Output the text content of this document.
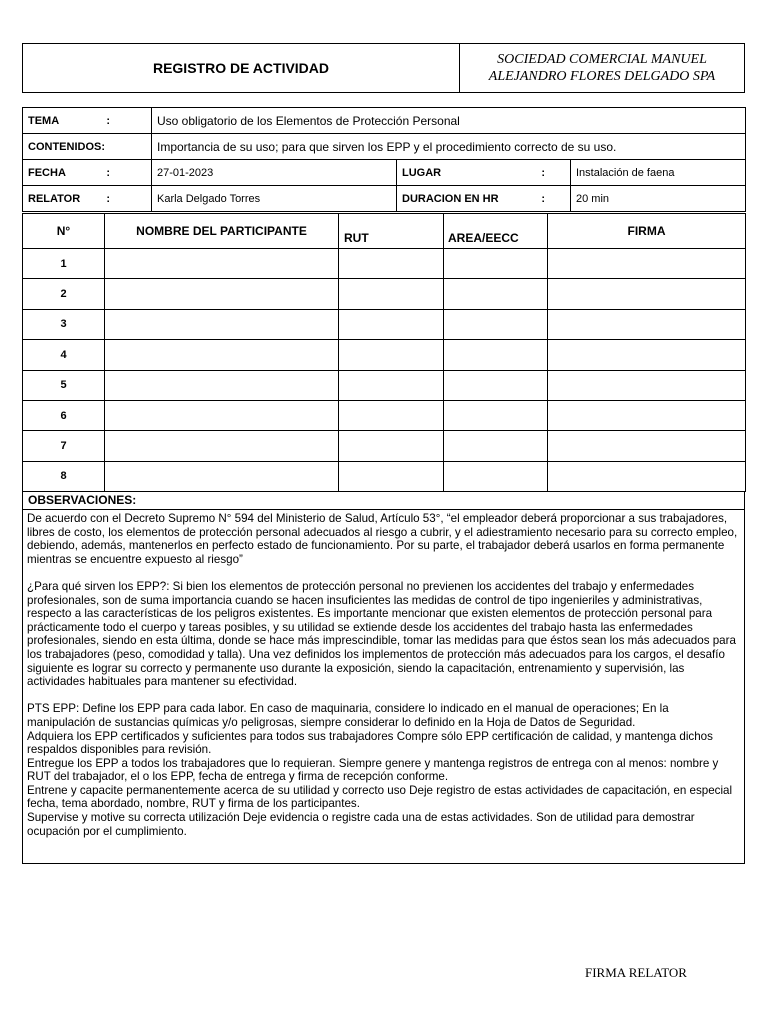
REGISTRO DE ACTIVIDAD
SOCIEDAD COMERCIAL MANUEL
ALEJANDRO FLORES DELGADO SPA
TEMA :	Uso obligatorio de los Elementos de Protección Personal		
CONTENIDOS:	Importancia de su uso; para que sirven los EPP y el procedimiento correcto de su uso.		
FECHA :	27-01-2023	LUGAR :	Instalación de faena
RELATOR :	Karla Delgado Torres	DURACION EN HR :	20 min
N°	NOMBRE DEL PARTICIPANTE	RUT	AREA/EECC	FIRMA
1				
2				
3				
4				
5				
6				
7				
8				
OBSERVACIONES:

De acuerdo con el Decreto Supremo N° 594 del Ministerio de Salud, Artículo 53°, “el empleador deberá proporcionar a sus trabajadores, libres de costo, los elementos de protección personal adecuados al riesgo a cubrir, y el adiestramiento necesario para su correcto empleo, debiendo, además, mantenerlos en perfecto estado de funcionamiento. Por su parte, el trabajador deberá usarlos en forma permanente mientras se encuentre expuesto al riesgo”

¿Para qué sirven los EPP?: Si bien los elementos de protección personal no previenen los accidentes del trabajo y enfermedades profesionales, son de suma importancia cuando se hacen insuficientes las medidas de control de tipo ingenieriles y administrativas, respecto a las características de los peligros existentes. Es importante mencionar que existen elementos de protección personal para prácticamente todo el cuerpo y tareas posibles, y su utilidad se extiende desde los accidentes del trabajo hasta las enfermedades profesionales, siendo en esta última, donde se hace más imprescindible, tomar las medidas para que éstos sean los más adecuados para los trabajadores (peso, comodidad y talla). Una vez definidos los implementos de protección más adecuados para los cargos, el desafío siguiente es lograr su correcto y permanente uso durante la exposición, siendo la capacitación, entrenamiento y supervisión, las actividades habituales para mantener su efectividad.

PTS EPP: Define los EPP para cada labor. En caso de maquinaria, considere lo indicado en el manual de operaciones; En la manipulación de sustancias químicas y/o peligrosas, siempre considerar lo definido en la Hoja de Datos de Seguridad.

Adquiera los EPP certificados y suficientes para todos sus trabajadores Compre sólo EPP certificación de calidad, y mantenga dichos respaldos disponibles para revisión.

Entregue los EPP a todos los trabajadores que lo requieran. Siempre genere y mantenga registros de entrega con al menos: nombre y RUT del trabajador, el o los EPP, fecha de entrega y firma de recepción conforme.

Entrene y capacite permanentemente acerca de su utilidad y correcto uso Deje registro de estas actividades de capacitación, en especial fecha, tema abordado, nombre, RUT y firma de los participantes.

Supervise y motive su correcta utilización Deje evidencia o registre cada una de estas actividades. Son de utilidad para demostrar ocupación por el cumplimiento.

FIRMA RELATOR
